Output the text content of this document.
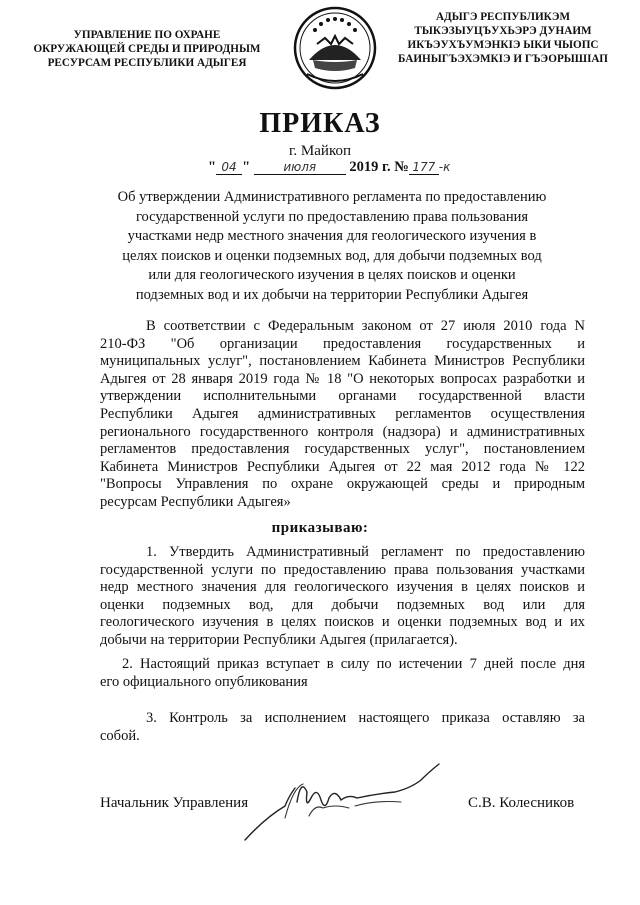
УПРАВЛЕНИЕ ПО ОХРАНЕ
ОКРУЖАЮЩЕЙ СРЕДЫ И ПРИРОДНЫМ
РЕСУРСАМ РЕСПУБЛИКИ АДЫГЕЯ
АДЫГЭ РЕСПУБЛИКЭМ
ТЫКЭЗЫУЦЪУХЬЭРЭ ДУНАИМ
ИКЪЭУХЪУМЭНКIЭ ЫКИ ЧЫОПС
БАИНЫГЪЭХЭМКIЭ И ГЪЭОРЫШIАП
ПРИКАЗ
г. Майкоп
" 04 "	июля 2019 г. № 177 -к
Об утверждении Административного регламента по предоставлению
государственной услуги по предоставлению права пользования
участками недр местного значения для геологического изучения в
целях поисков и оценки подземных вод, для добычи подземных вод
или для геологического изучения в целях поисков и оценки
подземных вод и их добычи на территории Республики Адыгея
В соответствии с Федеральным законом от 27 июля 2010 года N
210-ФЗ "Об организации предоставления государственных и
муниципальных услуг", постановлением Кабинета Министров Республики
Адыгея от 28 января 2019 года № 18 "О некоторых вопросах разработки и
утверждении исполнительными органами государственной власти
Республики Адыгея административных регламентов осуществления
регионального государственного контроля (надзора) и административных
регламентов предоставления государственных услуг", постановлением
Кабинета Министров Республики Адыгея от 22 мая 2012 года № 122
"Вопросы Управления по охране окружающей среды и природным
ресурсам Республики Адыгея»
приказываю:
1. Утвердить Административный регламент по предоставлению
государственной услуги по предоставлению права пользования участками
недр местного значения для геологического изучения в целях поисков и
оценки подземных вод, для добычи подземных вод или для
геологического изучения в целях поисков и оценки подземных вод и их
добычи на территории Республики Адыгея (прилагается).
2. Настоящий приказ вступает в силу по истечении 7 дней после дня
его официального опубликования
3. Контроль за исполнением настоящего приказа оставляю за
собой.
Начальник Управления	С.В. Колесников
